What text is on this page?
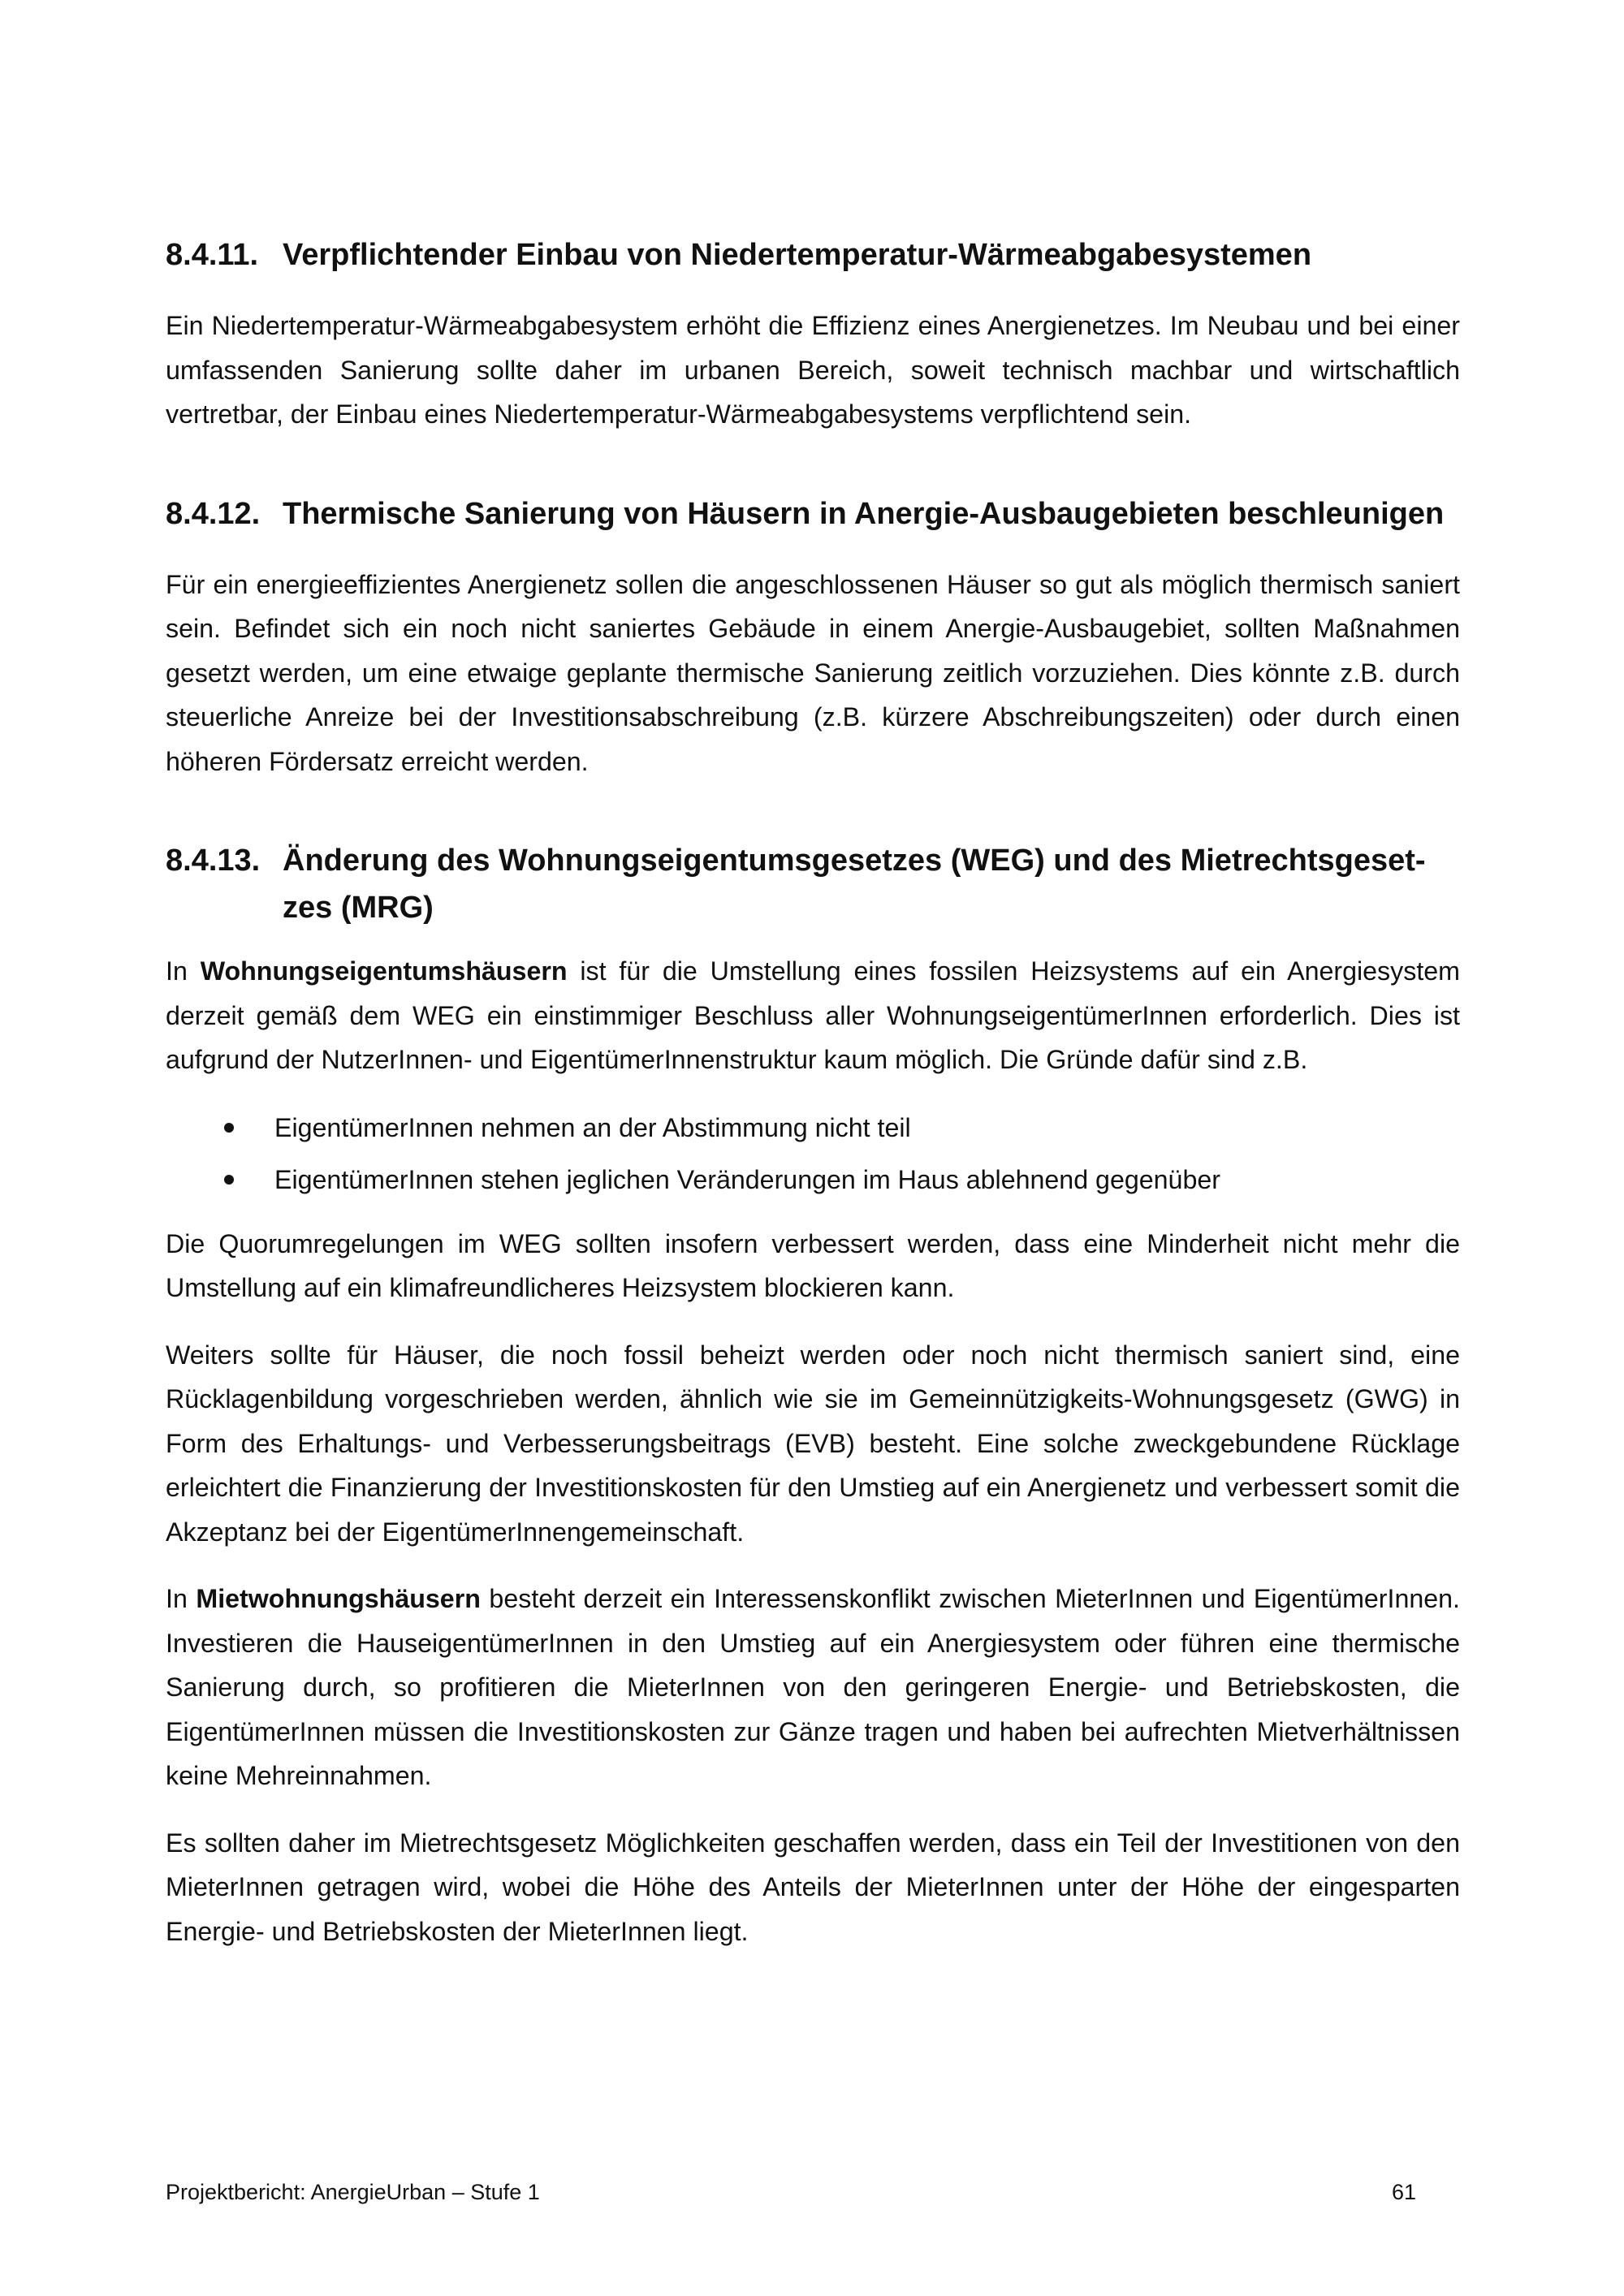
8.4.11. Verpflichtender Einbau von Niedertemperatur-Wärmeabgabesystemen

Ein Niedertemperatur-Wärmeabgabesystem erhöht die Effizienz eines Anergienetzes. Im Neubau und bei einer umfassenden Sanierung sollte daher im urbanen Bereich, soweit technisch machbar und wirtschaftlich vertretbar, der Einbau eines Niedertemperatur-Wärmeabgabesystems verpflichtend sein.

8.4.12. Thermische Sanierung von Häusern in Anergie-Ausbaugebieten beschleunigen

Für ein energieeffizientes Anergienetz sollen die angeschlossenen Häuser so gut als möglich thermisch saniert sein. Befindet sich ein noch nicht saniertes Gebäude in einem Anergie-Ausbaugebiet, sollten Maßnahmen gesetzt werden, um eine etwaige geplante thermische Sanierung zeitlich vorzuziehen. Dies könnte z.B. durch steuerliche Anreize bei der Investitionsabschreibung (z.B. kürzere Abschreibungszeiten) oder durch einen höheren Fördersatz erreicht werden.

8.4.13. Änderung des Wohnungseigentumsgesetzes (WEG) und des Mietrechtsgeset-
zes (MRG)

In Wohnungseigentumshäusern ist für die Umstellung eines fossilen Heizsystems auf ein Anergiesystem derzeit gemäß dem WEG ein einstimmiger Beschluss aller WohnungseigentümerInnen erforderlich. Dies ist aufgrund der NutzerInnen- und EigentümerInnenstruktur kaum möglich. Die Gründe dafür sind z.B.

EigentümerInnen nehmen an der Abstimmung nicht teil
EigentümerInnen stehen jeglichen Veränderungen im Haus ablehnend gegenüber

Die Quorumregelungen im WEG sollten insofern verbessert werden, dass eine Minderheit nicht mehr die Umstellung auf ein klimafreundlicheres Heizsystem blockieren kann.

Weiters sollte für Häuser, die noch fossil beheizt werden oder noch nicht thermisch saniert sind, eine Rücklagenbildung vorgeschrieben werden, ähnlich wie sie im Gemeinnützigkeits-Wohnungsgesetz (GWG) in Form des Erhaltungs- und Verbesserungsbeitrags (EVB) besteht. Eine solche zweckgebundene Rücklage erleichtert die Finanzierung der Investitionskosten für den Umstieg auf ein Anergienetz und verbessert somit die Akzeptanz bei der EigentümerInnengemeinschaft.

In Mietwohnungshäusern besteht derzeit ein Interessenskonflikt zwischen MieterInnen und EigentümerInnen. Investieren die HauseigentümerInnen in den Umstieg auf ein Anergiesystem oder führen eine thermische Sanierung durch, so profitieren die MieterInnen von den geringeren Energie- und Betriebskosten, die EigentümerInnen müssen die Investitionskosten zur Gänze tragen und haben bei aufrechten Mietverhältnissen keine Mehreinnahmen.

Es sollten daher im Mietrechtsgesetz Möglichkeiten geschaffen werden, dass ein Teil der Investitionen von den MieterInnen getragen wird, wobei die Höhe des Anteils der MieterInnen unter der Höhe der eingesparten Energie- und Betriebskosten der MieterInnen liegt.

Projektbericht: AnergieUrban – Stufe 1	61
